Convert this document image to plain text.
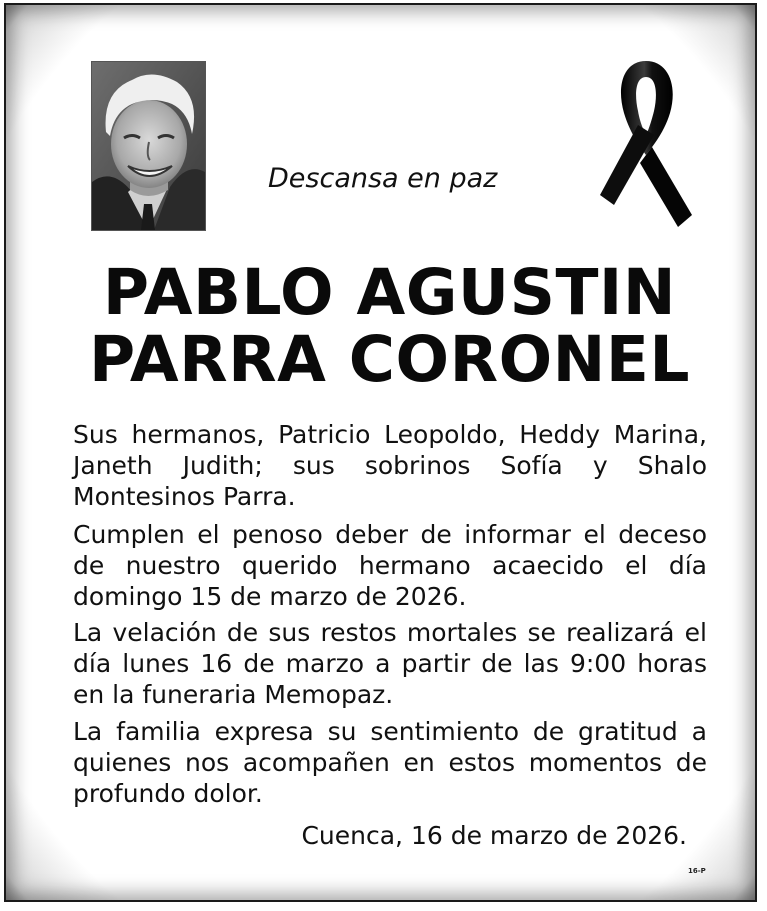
Descansa en paz
PABLO AGUSTIN
PARRA CORONEL

Sus hermanos, Patricio Leopoldo, Heddy Marina, Janeth Judith; sus sobrinos Sofía y Shalo Montesinos Parra.

Cumplen el penoso deber de informar el deceso de nuestro querido hermano acaecido el día domingo 15 de marzo de 2026.

La velación de sus restos mortales se realizará el día lunes 16 de marzo a partir de las 9:00 horas en la funeraria Memopaz.

La familia expresa su sentimiento de gratitud a quienes nos acompañen en estos momentos de profundo dolor.

Cuenca, 16 de marzo de 2026.
16-P
